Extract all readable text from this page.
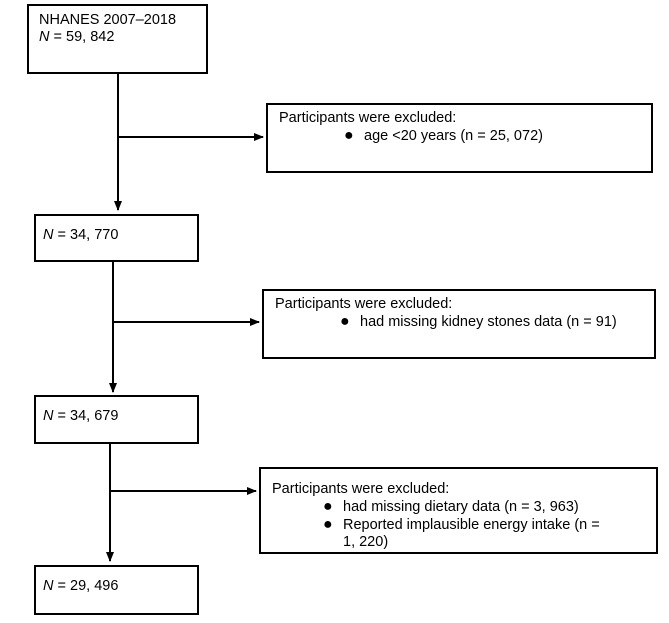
NHANES 2007–2018
N = 59, 842
N = 34, 770
N = 34, 679
N = 29, 496
Participants were excluded:
● age <20 years (n = 25, 072)
Participants were excluded:
● had missing kidney stones data (n = 91)
Participants were excluded:
● had missing dietary data (n = 3, 963)
● Reported implausible energy intake (n =
1, 220)
